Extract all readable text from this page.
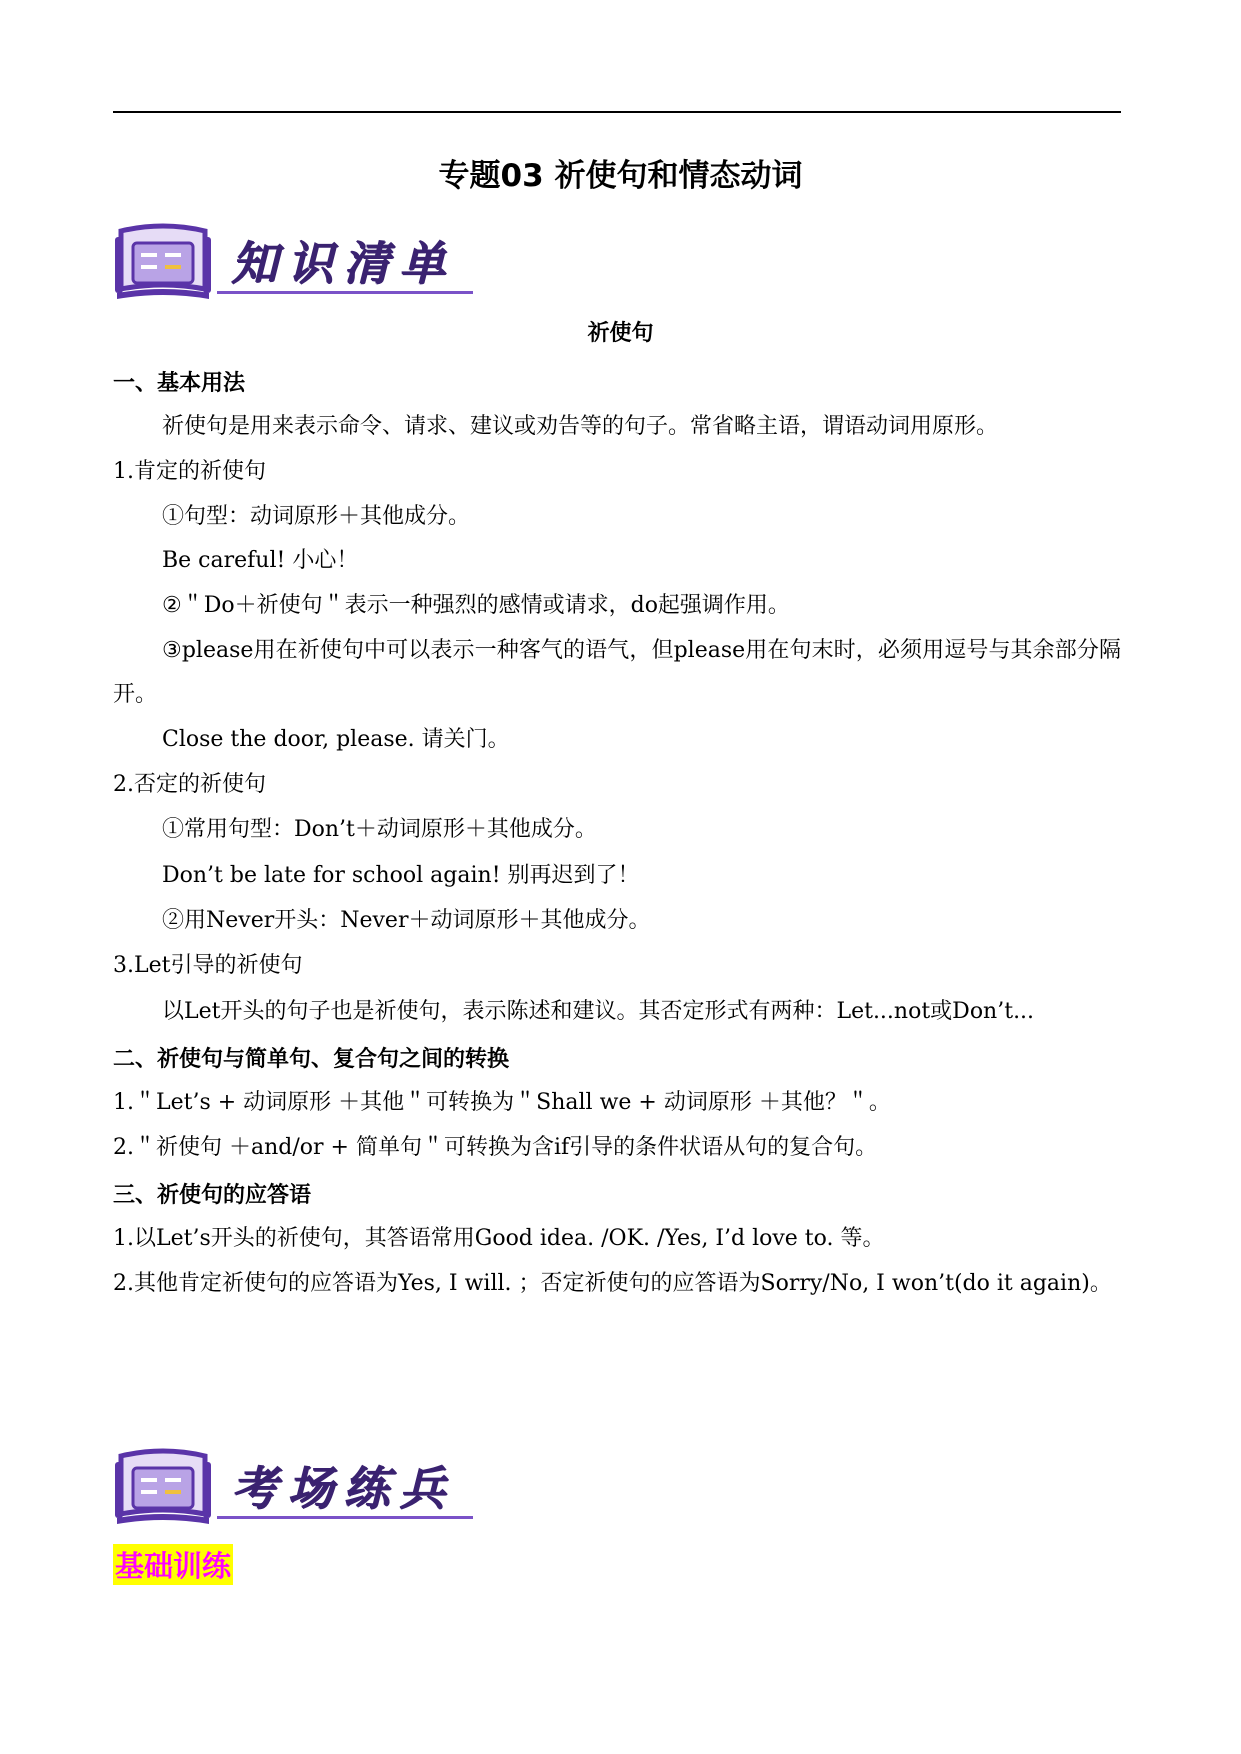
专题03 祈使句和情态动词
知识清单
祈使句
一、基本用法
祈使句是用来表示命令、请求、建议或劝告等的句子。常省略主语，谓语动词用原形。
1.肯定的祈使句
①句型：动词原形＋其他成分。
Be careful! 小心！
②＂Do＋祈使句＂表示一种强烈的感情或请求，do起强调作用。
③please用在祈使句中可以表示一种客气的语气，但please用在句末时，必须用逗号与其余部分隔开。
Close the door, please. 请关门。
2.否定的祈使句
①常用句型：Don’t＋动词原形＋其他成分。
Don’t be late for school again! 别再迟到了！
②用Never开头：Never＋动词原形＋其他成分。
3.Let引导的祈使句
以Let开头的句子也是祈使句，表示陈述和建议。其否定形式有两种：Let...not或Don’t...
二、祈使句与简单句、复合句之间的转换
1.＂Let’s + 动词原形 ＋其他＂可转换为＂Shall we + 动词原形 ＋其他？＂。
2.＂祈使句 ＋and/or + 简单句＂可转换为含if引导的条件状语从句的复合句。
三、祈使句的应答语
1.以Let’s开头的祈使句，其答语常用Good idea. /OK. /Yes, I’d love to. 等。
2.其他肯定祈使句的应答语为Yes, I will. ；否定祈使句的应答语为Sorry/No, I won’t(do it again)。
考场练兵
基础训练
